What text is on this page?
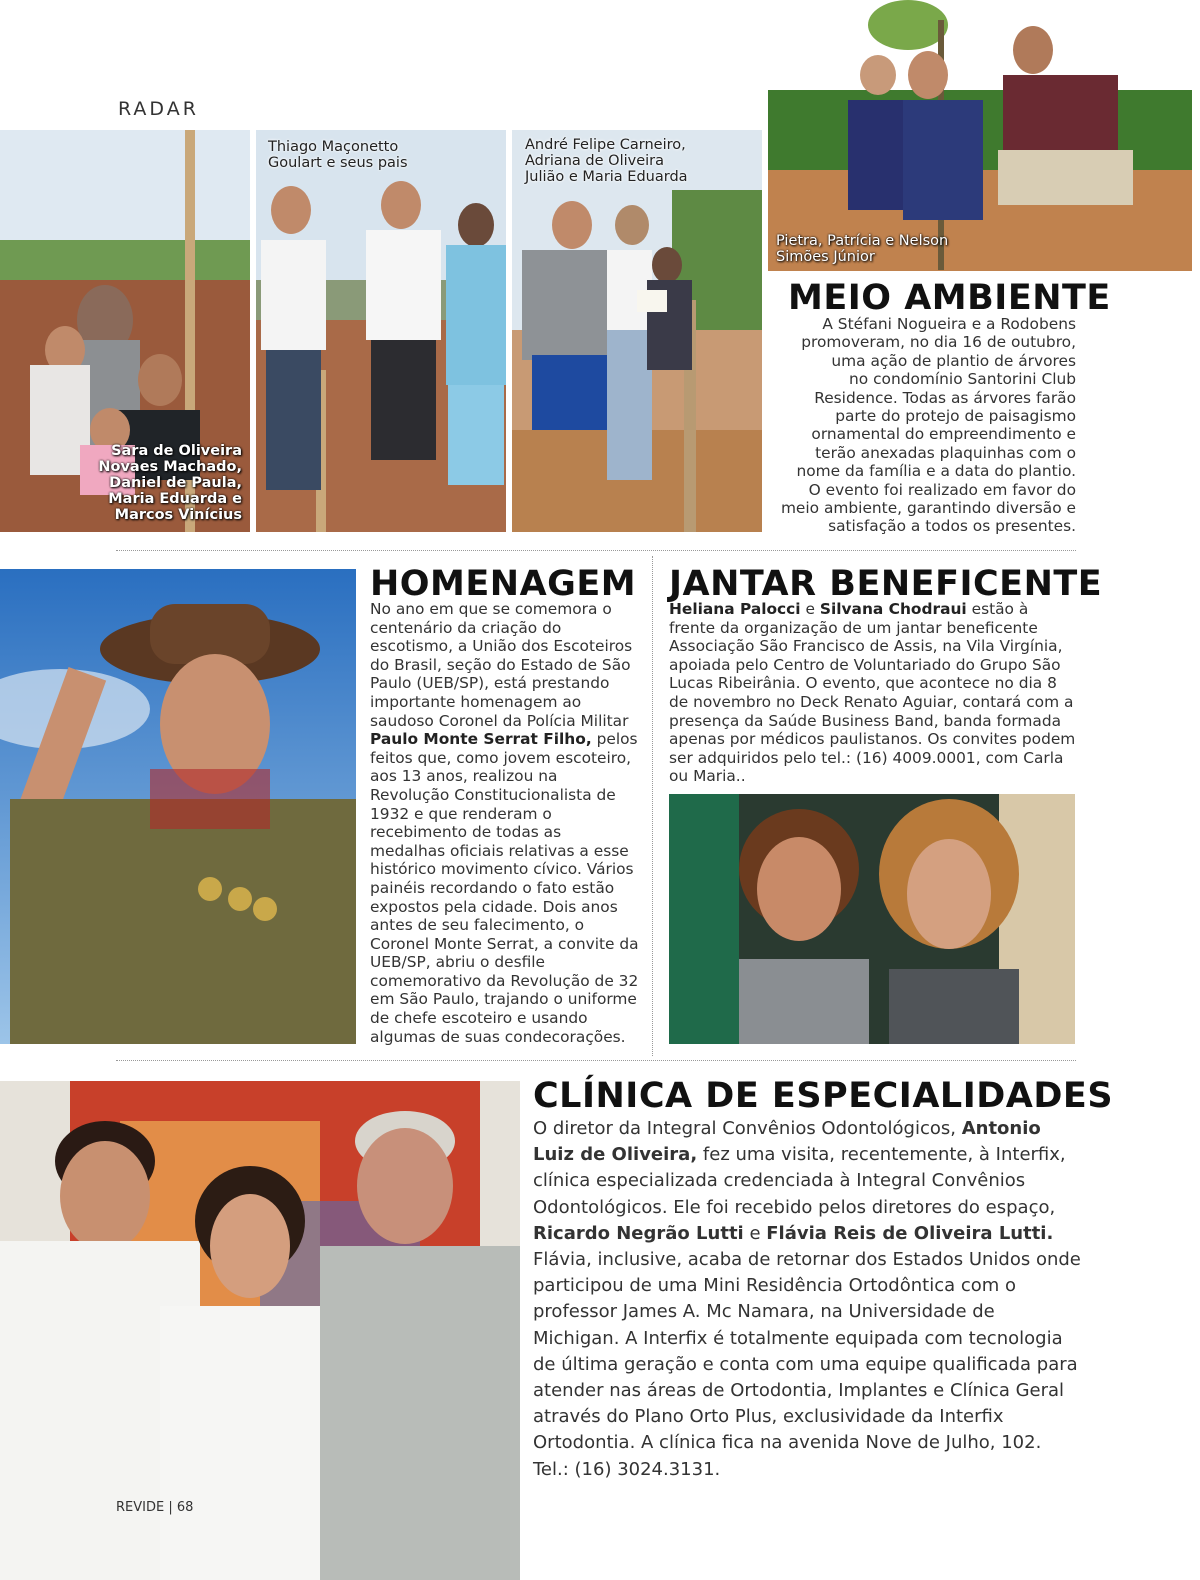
RADAR
Sara de Oliveira
Novaes Machado,
Daniel de Paula,
Maria Eduarda e
Marcos Vinícius
Thiago Maçonetto
Goulart e seus pais
André Felipe Carneiro,
Adriana de Oliveira
Julião e Maria Eduarda
Pietra, Patrícia e Nelson
Simões Júnior
MEIO AMBIENTE
A Stéfani Nogueira e a Rodobens
promoveram, no dia 16 de outubro,
uma ação de plantio de árvores
no condomínio Santorini Club
Residence. Todas as árvores farão
parte do protejo de paisagismo
ornamental do empreendimento e
terão anexadas plaquinhas com o
nome da família e a data do plantio.
O evento foi realizado em favor do
meio ambiente, garantindo diversão e
satisfação a todos os presentes.
HOMENAGEM
No ano em que se comemora o centenário da criação do escotismo, a União dos Escoteiros do Brasil, seção do Estado de São Paulo (UEB/SP), está prestando importante homenagem ao saudoso Coronel da Polícia Militar Paulo Monte Serrat Filho, pelos feitos que, como jovem escoteiro, aos 13 anos, realizou na Revolução Constitucionalista de 1932 e que renderam o recebimento de todas as medalhas oficiais relativas a esse histórico movimento cívico. Vários painéis recordando o fato estão expostos pela cidade. Dois anos antes de seu falecimento, o Coronel Monte Serrat, a convite da UEB/SP, abriu o desfile comemorativo da Revolução de 32 em São Paulo, trajando o uniforme de chefe escoteiro e usando algumas de suas condecorações.
JANTAR BENEFICENTE
Heliana Palocci e Silvana Chodraui estão à frente da organização de um jantar beneficente Associação São Francisco de Assis, na Vila Virgínia, apoiada pelo Centro de Voluntariado do Grupo São Lucas Ribeirânia. O evento, que acontece no dia 8 de novembro no Deck Renato Aguiar, contará com a presença da Saúde Business Band, banda formada apenas por médicos paulistanos. Os convites podem ser adquiridos pelo tel.: (16) 4009.0001, com Carla ou Maria..
CLÍNICA DE ESPECIALIDADES
O diretor da Integral Convênios Odontológicos, Antonio Luiz de Oliveira, fez uma visita, recentemente, à Interfix, clínica especializada credenciada à Integral Convênios Odontológicos. Ele foi recebido pelos diretores do espaço, Ricardo Negrão Lutti e Flávia Reis de Oliveira Lutti. Flávia, inclusive, acaba de retornar dos Estados Unidos onde participou de uma Mini Residência Ortodôntica com o professor James A. Mc Namara, na Universidade de Michigan. A Interfix é totalmente equipada com tecnologia de última geração e conta com uma equipe qualificada para atender nas áreas de Ortodontia, Implantes e Clínica Geral através do Plano Orto Plus, exclusividade da Interfix Ortodontia. A clínica fica na avenida Nove de Julho, 102. Tel.: (16) 3024.3131.
REVIDE | 68
